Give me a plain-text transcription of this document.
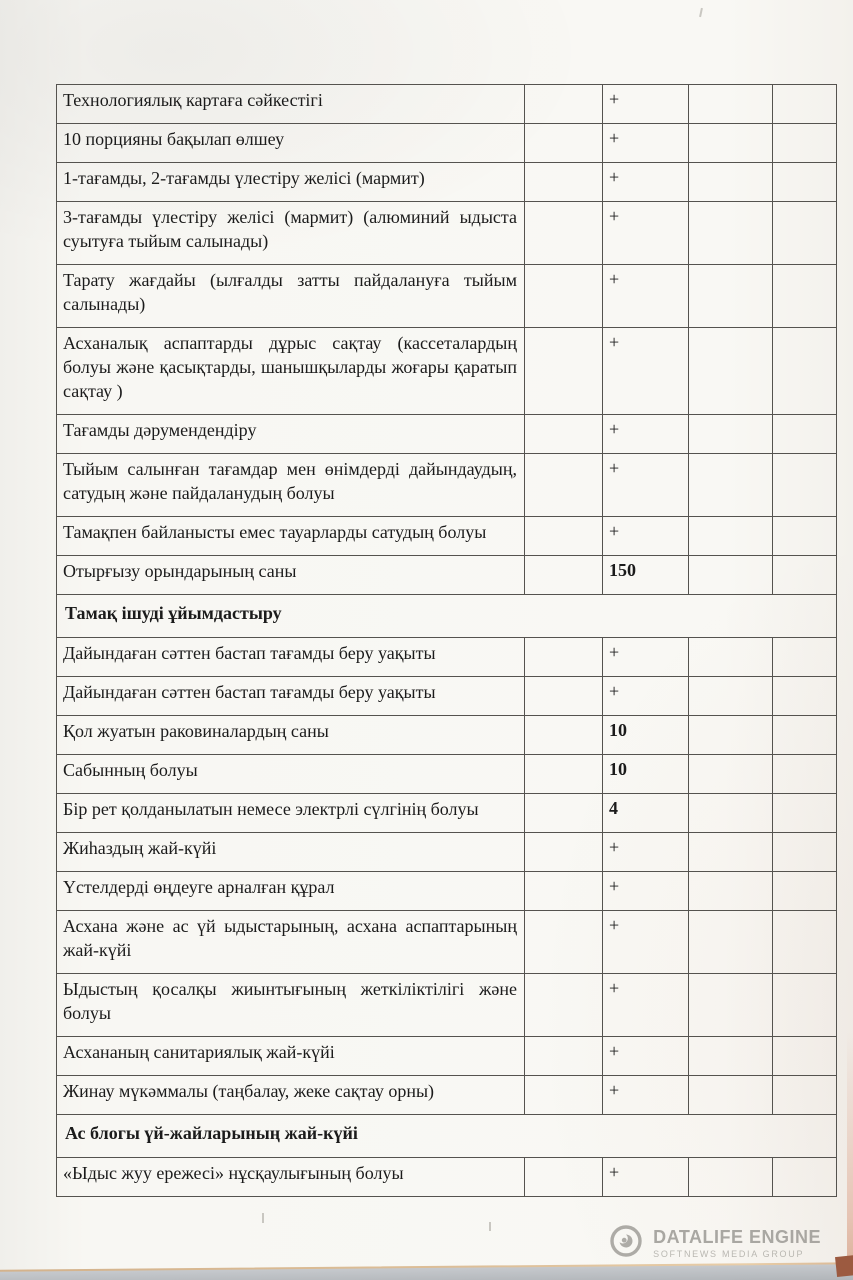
Технологиялық картаға сәйкестігі		+		
10 порцияны бақылап өлшеу		+		
1-тағамды, 2-тағамды үлестіру желісі (мармит)		+		
3-тағамды үлестіру желісі (мармит) (алюминий ыдыста суытуға тыйым салынады)		+		
Тарату жағдайы (ылғалды затты пайдалануға тыйым салынады)		+		
Асханалық аспаптарды дұрыс сақтау (кассеталардың болуы және қасықтарды, шанышқыларды жоғары қаратып сақтау )		+		
Тағамды дәрумендендіру		+		
Тыйым салынған тағамдар мен өнімдерді дайындаудың, сатудың және пайдаланудың болуы		+		
Тамақпен байланысты емес тауарларды сатудың болуы		+		
Отырғызу орындарының саны		150		
Тамақ ішуді ұйымдастыру				
Дайындаған сәттен бастап тағамды беру уақыты		+		
Дайындаған сәттен бастап тағамды беру уақыты		+		
Қол жуатын раковиналардың саны		10		
Сабынның болуы		10		
Бір рет қолданылатын немесе электрлі сүлгінің болуы		4		
Жиһаздың жай-күйі		+		
Үстелдерді өңдеуге арналған құрал		+		
Асхана және ас үй ыдыстарының, асхана аспаптарының жай-күйі		+		
Ыдыстың қосалқы жиынтығының жеткіліктілігі және болуы		+		
Асхананың санитариялық жай-күйі		+		
Жинау мүкәммалы (таңбалау, жеке сақтау орны)		+		
Ас блогы үй-жайларының жай-күйі				
«Ыдыс жуу ережесі» нұсқаулығының болуы		+		
DATALIFE ENGINE
SOFTNEWS MEDIA GROUP
